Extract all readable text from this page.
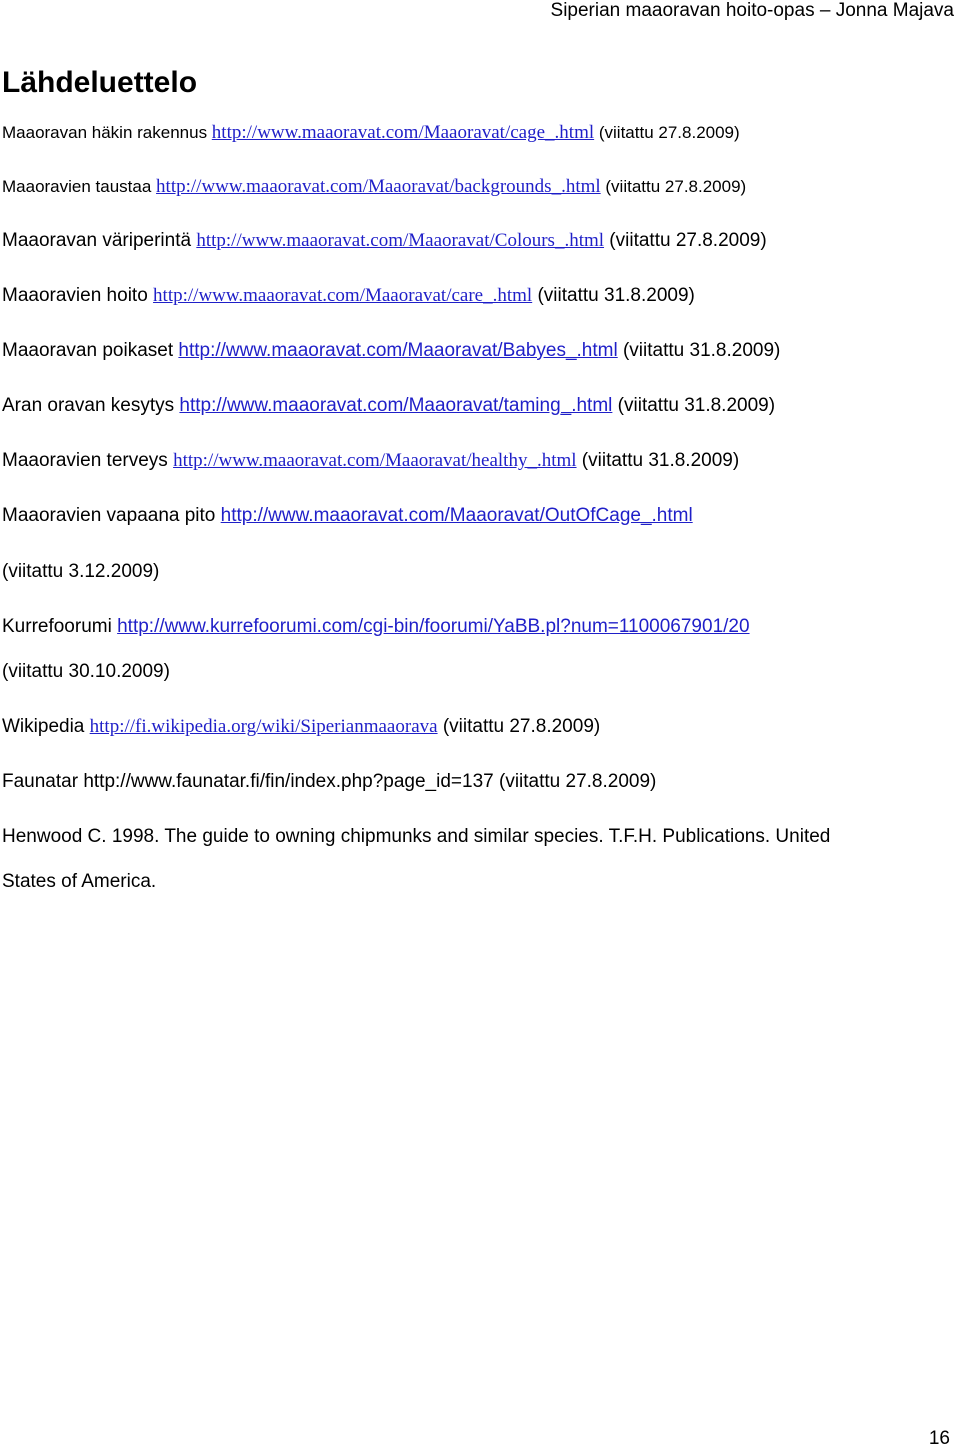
Siperian maaoravan hoito-opas – Jonna Majava
Lähdeluettelo
Maaoravan häkin rakennus http://www.maaoravat.com/Maaoravat/cage_.html (viitattu 27.8.2009)
Maaoravien taustaa http://www.maaoravat.com/Maaoravat/backgrounds_.html (viitattu 27.8.2009)
Maaoravan väriperintä http://www.maaoravat.com/Maaoravat/Colours_.html (viitattu 27.8.2009)
Maaoravien hoito http://www.maaoravat.com/Maaoravat/care_.html (viitattu 31.8.2009)
Maaoravan poikaset http://www.maaoravat.com/Maaoravat/Babyes_.html (viitattu 31.8.2009)
Aran oravan kesytys http://www.maaoravat.com/Maaoravat/taming_.html (viitattu 31.8.2009)
Maaoravien terveys http://www.maaoravat.com/Maaoravat/healthy_.html (viitattu 31.8.2009)
Maaoravien vapaana pito http://www.maaoravat.com/Maaoravat/OutOfCage_.html
(viitattu 3.12.2009)
Kurrefoorumi http://www.kurrefoorumi.com/cgi-bin/foorumi/YaBB.pl?num=1100067901/20
(viitattu 30.10.2009)
Wikipedia http://fi.wikipedia.org/wiki/Siperianmaaorava (viitattu 27.8.2009)
Faunatar http://www.faunatar.fi/fin/index.php?page_id=137 (viitattu 27.8.2009)
Henwood C. 1998. The guide to owning chipmunks and similar species. T.F.H. Publications. United
States of America.
16
